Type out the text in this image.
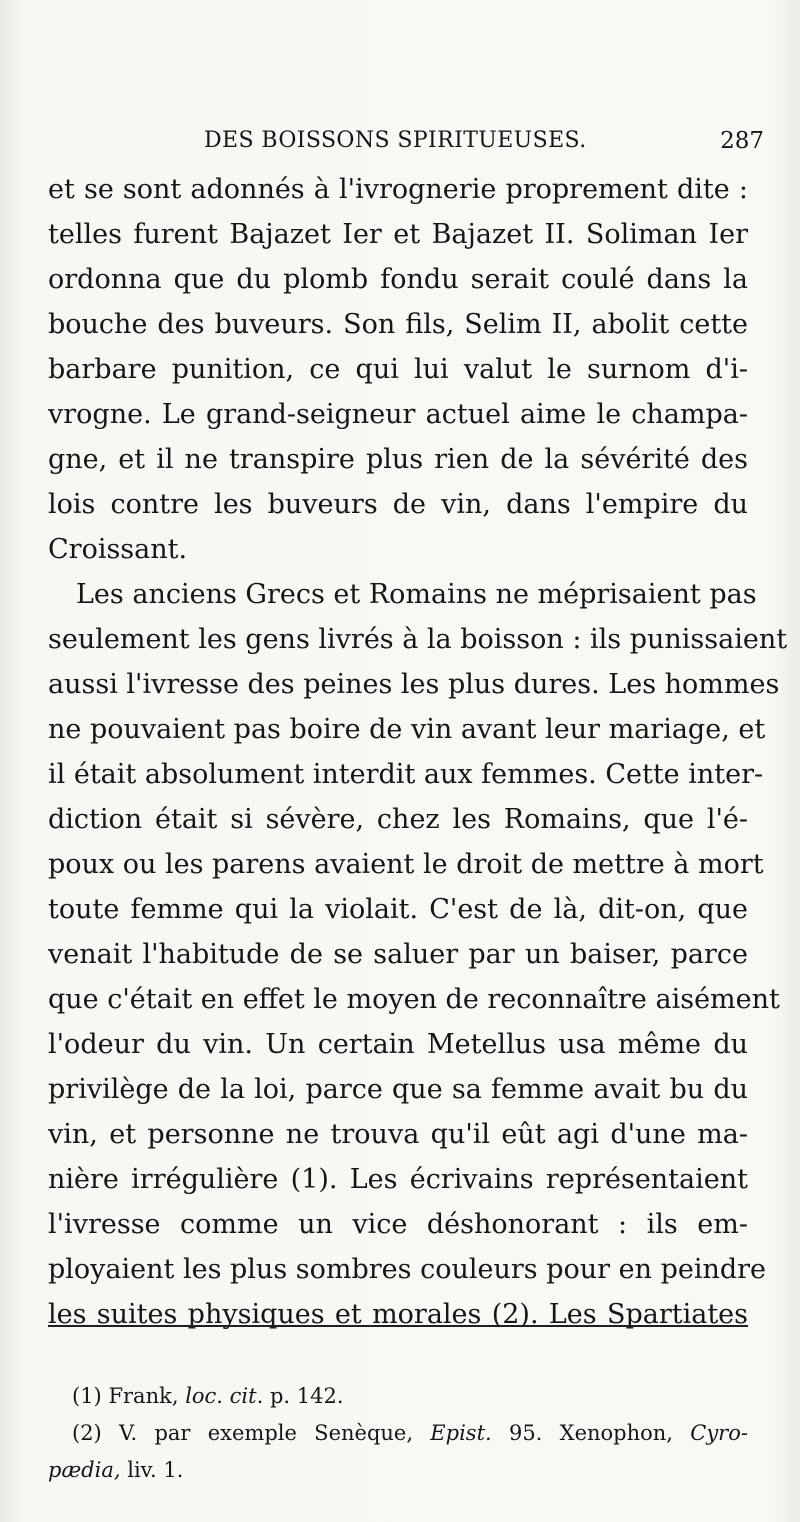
DES BOISSONS SPIRITUEUSES.	287
et se sont adonnés à l'ivrognerie proprement dite :
telles furent Bajazet Ier et Bajazet II. Soliman Ier
ordonna que du plomb fondu serait coulé dans la
bouche des buveurs. Son fils, Selim II, abolit cette
barbare punition, ce qui lui valut le surnom d'i-
vrogne. Le grand-seigneur actuel aime le champa-
gne, et il ne transpire plus rien de la sévérité des
lois contre les buveurs de vin, dans l'empire du
Croissant.
Les anciens Grecs et Romains ne méprisaient pas
seulement les gens livrés à la boisson : ils punissaient
aussi l'ivresse des peines les plus dures. Les hommes
ne pouvaient pas boire de vin avant leur mariage, et
il était absolument interdit aux femmes. Cette inter-
diction était si sévère, chez les Romains, que l'é-
poux ou les parens avaient le droit de mettre à mort
toute femme qui la violait. C'est de là, dit-on, que
venait l'habitude de se saluer par un baiser, parce
que c'était en effet le moyen de reconnaître aisément
l'odeur du vin. Un certain Metellus usa même du
privilège de la loi, parce que sa femme avait bu du
vin, et personne ne trouva qu'il eût agi d'une ma-
nière irrégulière (1). Les écrivains représentaient
l'ivresse comme un vice déshonorant : ils em-
ployaient les plus sombres couleurs pour en peindre
les suites physiques et morales (2). Les Spartiates
(1) Frank, loc. cit. p. 142.
(2) V. par exemple Senèque, Epist. 95. Xenophon, Cyro-
pædia, liv. 1.
